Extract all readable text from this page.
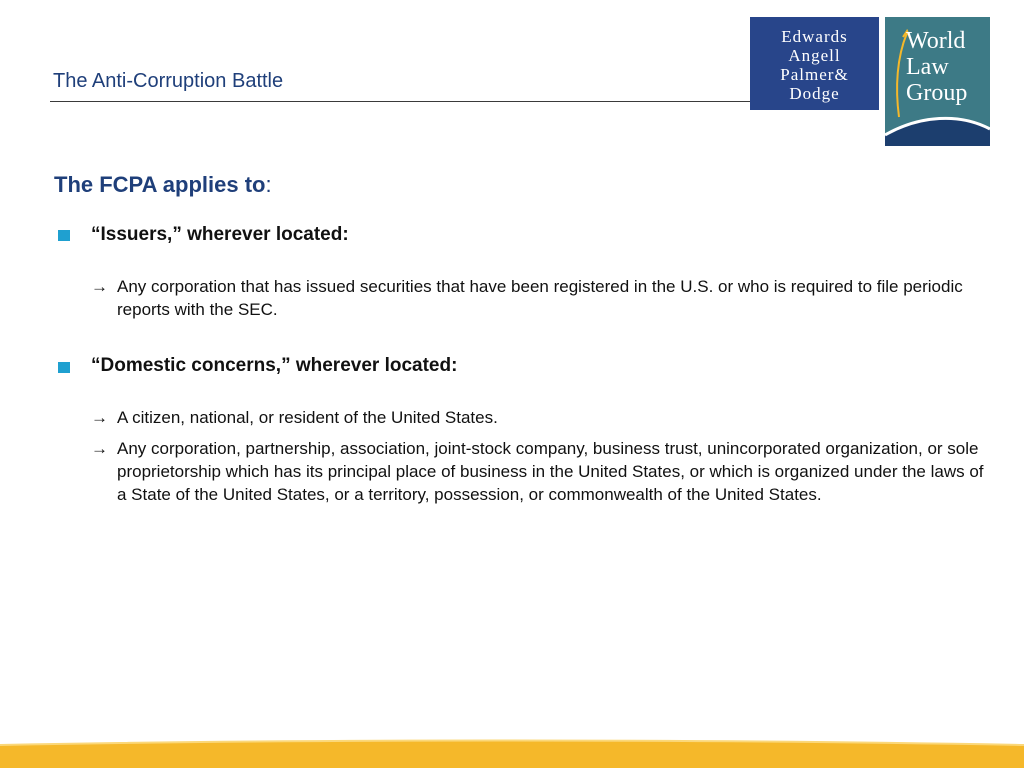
The Anti-Corruption Battle
Edwards
Angell
Palmer&
Dodge
World
Law
Group
The FCPA applies to:
“Issuers,” wherever located:
→ Any corporation that has issued securities that have been registered in the U.S. or who is required to file periodic reports with the SEC.
“Domestic concerns,” wherever located:
→ A citizen, national, or resident of the United States.
→ Any corporation, partnership, association, joint-stock company, business trust, unincorporated organization, or sole proprietorship which has its principal place of business in the United States, or which is organized under the laws of a State of the United States, or a territory, possession, or commonwealth of the United States.
